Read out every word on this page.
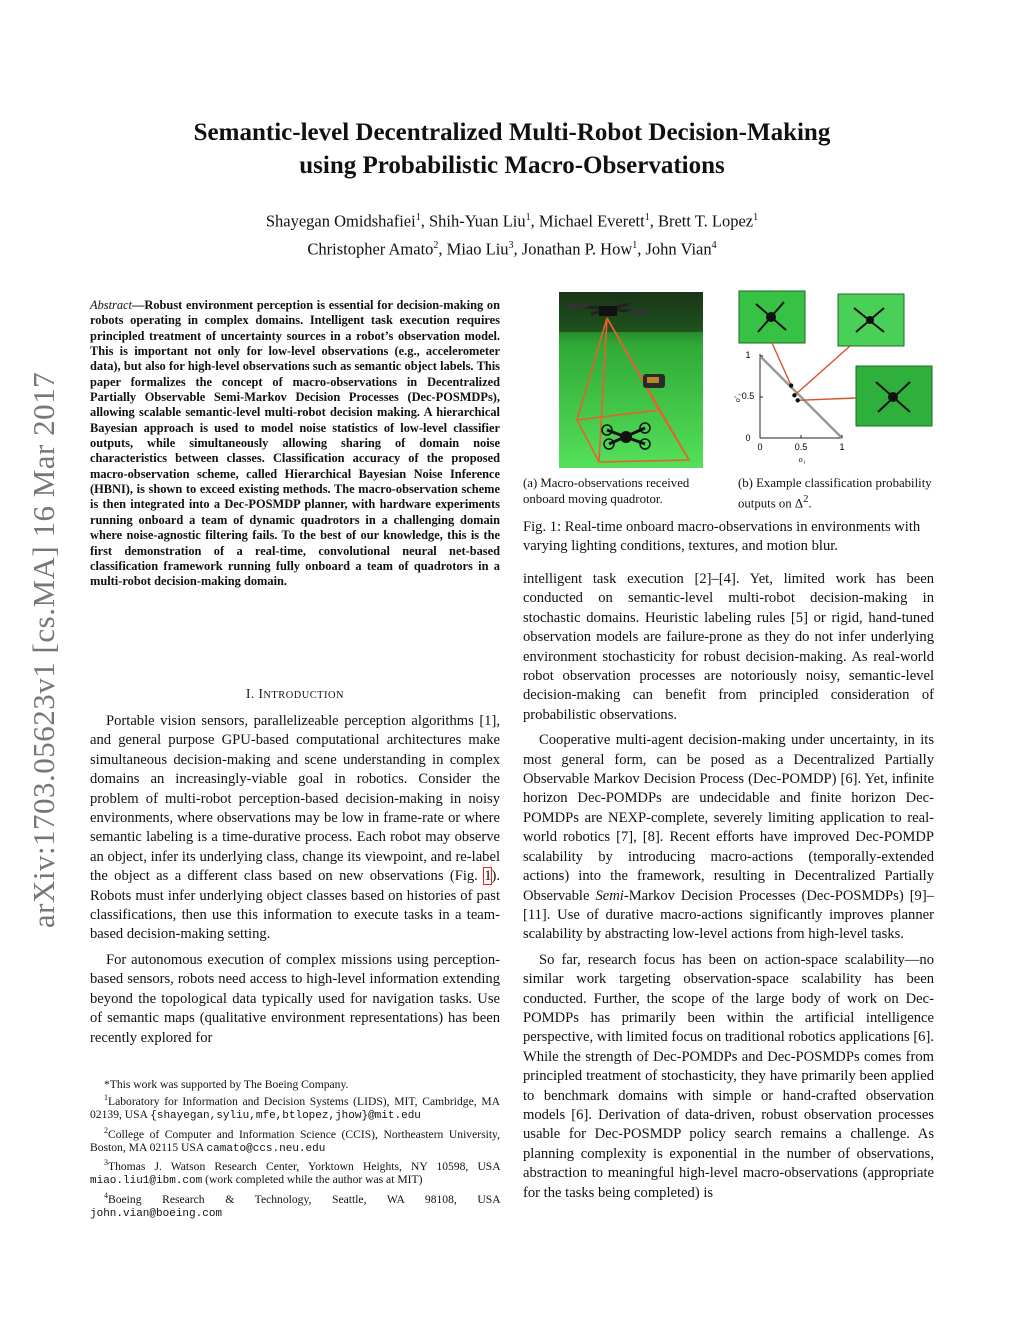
arXiv:1703.05623v1 [cs.MA] 16 Mar 2017
Semantic-level Decentralized Multi-Robot Decision-Making
using Probabilistic Macro-Observations
Shayegan Omidshafiei$^1$, Shih-Yuan Liu$^1$, Michael Everett$^1$, Brett T. Lopez$^1$
Christopher Amato$^2$, Miao Liu$^3$, Jonathan P. How$^1$, John Vian$^4$
Abstract—Robust environment perception is essential for decision-making on robots operating in complex domains. Intelligent task execution requires principled treatment of uncertainty sources in a robot’s observation model. This is important not only for low-level observations (e.g., accelerometer data), but also for high-level observations such as semantic object labels. This paper formalizes the concept of macro-observations in Decentralized Partially Observable Semi-Markov Decision Processes (Dec-POSMDPs), allowing scalable semantic-level multi-robot decision making. A hierarchical Bayesian approach is used to model noise statistics of low-level classifier outputs, while simultaneously allowing sharing of domain noise characteristics between classes. Classification accuracy of the proposed macro-observation scheme, called Hierarchical Bayesian Noise Inference (HBNI), is shown to exceed existing methods. The macro-observation scheme is then integrated into a Dec-POSMDP planner, with hardware experiments running onboard a team of dynamic quadrotors in a challenging domain where noise-agnostic filtering fails. To the best of our knowledge, this is the first demonstration of a real-time, convolutional neural net-based classification framework running fully onboard a team of quadrotors in a multi-robot decision-making domain.
I. INTRODUCTION

Portable vision sensors, parallelizeable perception algorithms [1], and general purpose GPU-based computational architectures make simultaneous decision-making and scene understanding in complex domains an increasingly-viable goal in robotics. Consider the problem of multi-robot perception-based decision-making in noisy environments, where observations may be low in frame-rate or where semantic labeling is a time-durative process. Each robot may observe an object, infer its underlying class, change its viewpoint, and re-label the object as a different class based on new observations (Fig. 1). Robots must infer underlying object classes based on histories of past classifications, then use this information to execute tasks in a team-based decision-making setting.

For autonomous execution of complex missions using perception-based sensors, robots need access to high-level information extending beyond the topological data typically used for navigation tasks. Use of semantic maps (qualitative environment representations) has been recently explored for

*This work was supported by The Boeing Company.
$^1$Laboratory for Information and Decision Systems (LIDS), MIT, Cambridge, MA 02139, USA {shayegan,syliu,mfe,btlopez,jhow}@mit.edu
$^2$College of Computer and Information Science (CCIS), Northeastern University, Boston, MA 02115 USA camato@ccs.neu.edu
$^3$Thomas J. Watson Research Center, Yorktown Heights, NY 10598, USA miao.liu1@ibm.com (work completed while the author was at MIT)
$^4$Boeing Research & Technology, Seattle, WA 98108, USA john.vian@boeing.com
1
0.5
0
0	0.5	1
o₁
o'₁
(a) Macro-observations received onboard moving quadrotor.
(b) Example classification probability outputs on $\Delta^2$.
Fig. 1: Real-time onboard macro-observations in environments with varying lighting conditions, textures, and motion blur.

intelligent task execution [2]–[4]. Yet, limited work has been conducted on semantic-level multi-robot decision-making in stochastic domains. Heuristic labeling rules [5] or rigid, hand-tuned observation models are failure-prone as they do not infer underlying environment stochasticity for robust decision-making. As real-world robot observation processes are notoriously noisy, semantic-level decision-making can benefit from principled consideration of probabilistic observations.

Cooperative multi-agent decision-making under uncertainty, in its most general form, can be posed as a Decentralized Partially Observable Markov Decision Process (Dec-POMDP) [6]. Yet, infinite horizon Dec-POMDPs are undecidable and finite horizon Dec-POMDPs are NEXP-complete, severely limiting application to real-world robotics [7], [8]. Recent efforts have improved Dec-POMDP scalability by introducing macro-actions (temporally-extended actions) into the framework, resulting in Decentralized Partially Observable Semi-Markov Decision Processes (Dec-POSMDPs) [9]–[11]. Use of durative macro-actions significantly improves planner scalability by abstracting low-level actions from high-level tasks.

So far, research focus has been on action-space scalability—no similar work targeting observation-space scalability has been conducted. Further, the scope of the large body of work on Dec-POMDPs has primarily been within the artificial intelligence perspective, with limited focus on traditional robotics applications [6]. While the strength of Dec-POMDPs and Dec-POSMDPs comes from principled treatment of stochasticity, they have primarily been applied to benchmark domains with simple or hand-crafted observation models [6]. Derivation of data-driven, robust observation processes usable for Dec-POSMDP policy search remains a challenge. As planning complexity is exponential in the number of observations, abstraction to meaningful high-level macro-observations (appropriate for the tasks being completed) is
